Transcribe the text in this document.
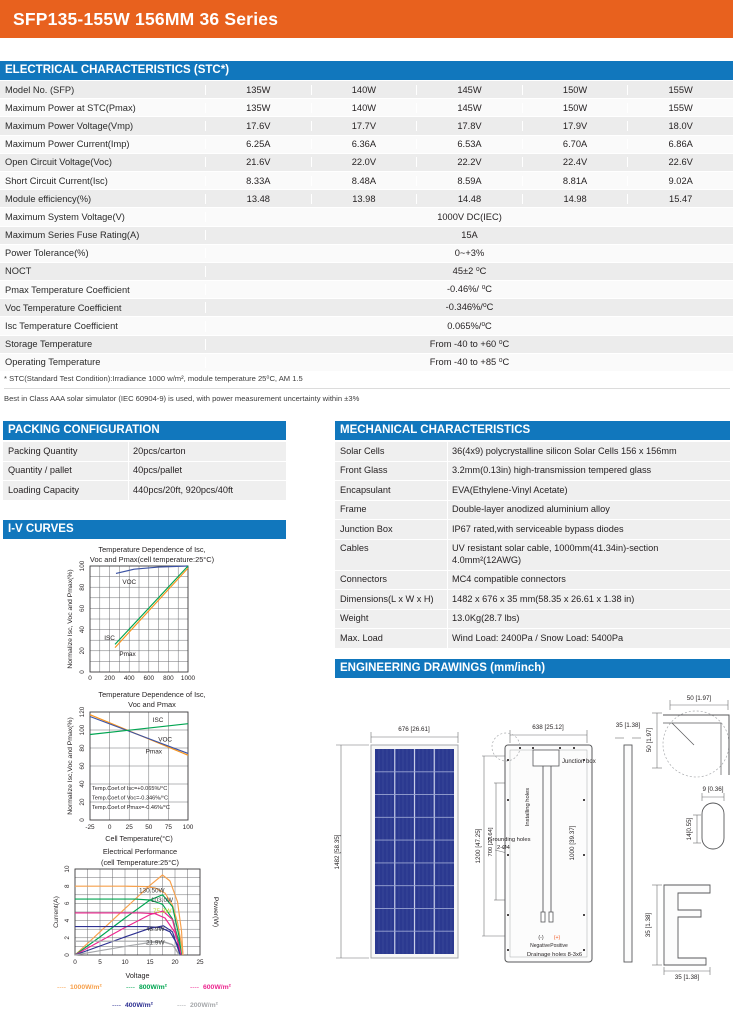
SFP135-155W 156MM 36 Series
ELECTRICAL CHARACTERISTICS (STC*)
Model No. (SFP)	135W	140W	145W	150W	155W
Maximum Power at STC(Pmax)	135W	140W	145W	150W	155W
Maximum Power Voltage(Vmp)	17.6V	17.7V	17.8V	17.9V	18.0V
Maximum Power Current(Imp)	6.25A	6.36A	6.53A	6.70A	6.86A
Open Circuit Voltage(Voc)	21.6V	22.0V	22.2V	22.4V	22.6V
Short Circuit Current(Isc)	8.33A	8.48A	8.59A	8.81A	9.02A
Module efficiency(%)	13.48	13.98	14.48	14.98	15.47
Maximum System Voltage(V)	1000V DC(IEC)
Maximum Series Fuse Rating(A)	15A
Power Tolerance(%)	0~+3%
NOCT	45±2 ⁰C
Pmax Temperature Coefficient	-0.46%/ ⁰C
Voc Temperature Coefficient	-0.346%/⁰C
Isc Temperature Coefficient	0.065%/⁰C
Storage Temperature	From -40 to +60 ⁰C
Operating Temperature	From -40 to +85 ⁰C
* STC(Standard Test Condition):Irradiance 1000 w/m², module temperature 25⁰C, AM 1.5
Best in Class AAA solar simulator (IEC 60904-9) is used, with power measurement uncertainty within ±3%
PACKING CONFIGURATION
Packing Quantity	20pcs/carton
Quantity / pallet	40pcs/pallet
Loading Capacity	440pcs/20ft, 920pcs/40ft
MECHANICAL CHARACTERISTICS
Solar Cells	36(4x9) polycrystalline silicon Solar Cells 156 x 156mm
Front Glass	3.2mm(0.13in) high-transmission tempered glass
Encapsulant	EVA(Ethylene-Vinyl Acetate)
Frame	Double-layer anodized aluminium alloy
Junction Box	IP67 rated,with serviceable bypass diodes
Cables	UV resistant solar cable, 1000mm(41.34in)-section 4.0mm²(12AWG)
Connectors	MC4 compatible connectors
Dimensions(L x W x H)	1482 x 676 x 35 mm(58.35 x 26.61 x 1.38 in)
Weight	13.0Kg(28.7 lbs)
Max. Load	Wind Load: 2400Pa / Snow Load: 5400Pa
I-V CURVES
0 200 400 600 800 1000
0
20
40
60
80
100
Temperature Dependence of Isc,
Voc and Pmax(cell temperature:25°C)
Normalize Isc, Voc and Pmax(%)	VOC
ISC
Pmax
-25 0 25 50 75 100
0
20
40
60
80
100
120
Temperature Dependence of Isc,
Voc and Pmax
Normalize Isc,Voc and Pmax(%)
Cell Temperature(°C)
ISC
VOC
Pmax
Temp.Coef.of Isc=+0.065%/°C
Temp.Coef.of Voc=-0.346%/°C
Temp.Coef.of Pmax=-0.46%/°C
0	5	10	15	20	25
0
2
4
6
8
10
Electrical Performance
(cell Temperature:25°C)
Current(A)	Power(W)
Voltage
130.50W
103.0W
75.3W
48.9W
21.9W
---- 1000W/m²	---- 800W/m²	---- 600W/m²
---- 400W/m²	---- 200W/m²
ENGINEERING DRAWINGS (mm/inch)
676 [26.61]
1482 [58.35]
638 [25.12]
Junction box
Installing holes
Grounding holes
2-Ø4
1200 [47.25] 700 [27.64]	1000 [39.37]
(-) (+)
Negative Positive
Drainage holes 8-3x6
35 [1.38]
50 [1.97]
50 [1.97]
9 [0.36]
14[0.55]
35 [1.38]
35 [1.38]
